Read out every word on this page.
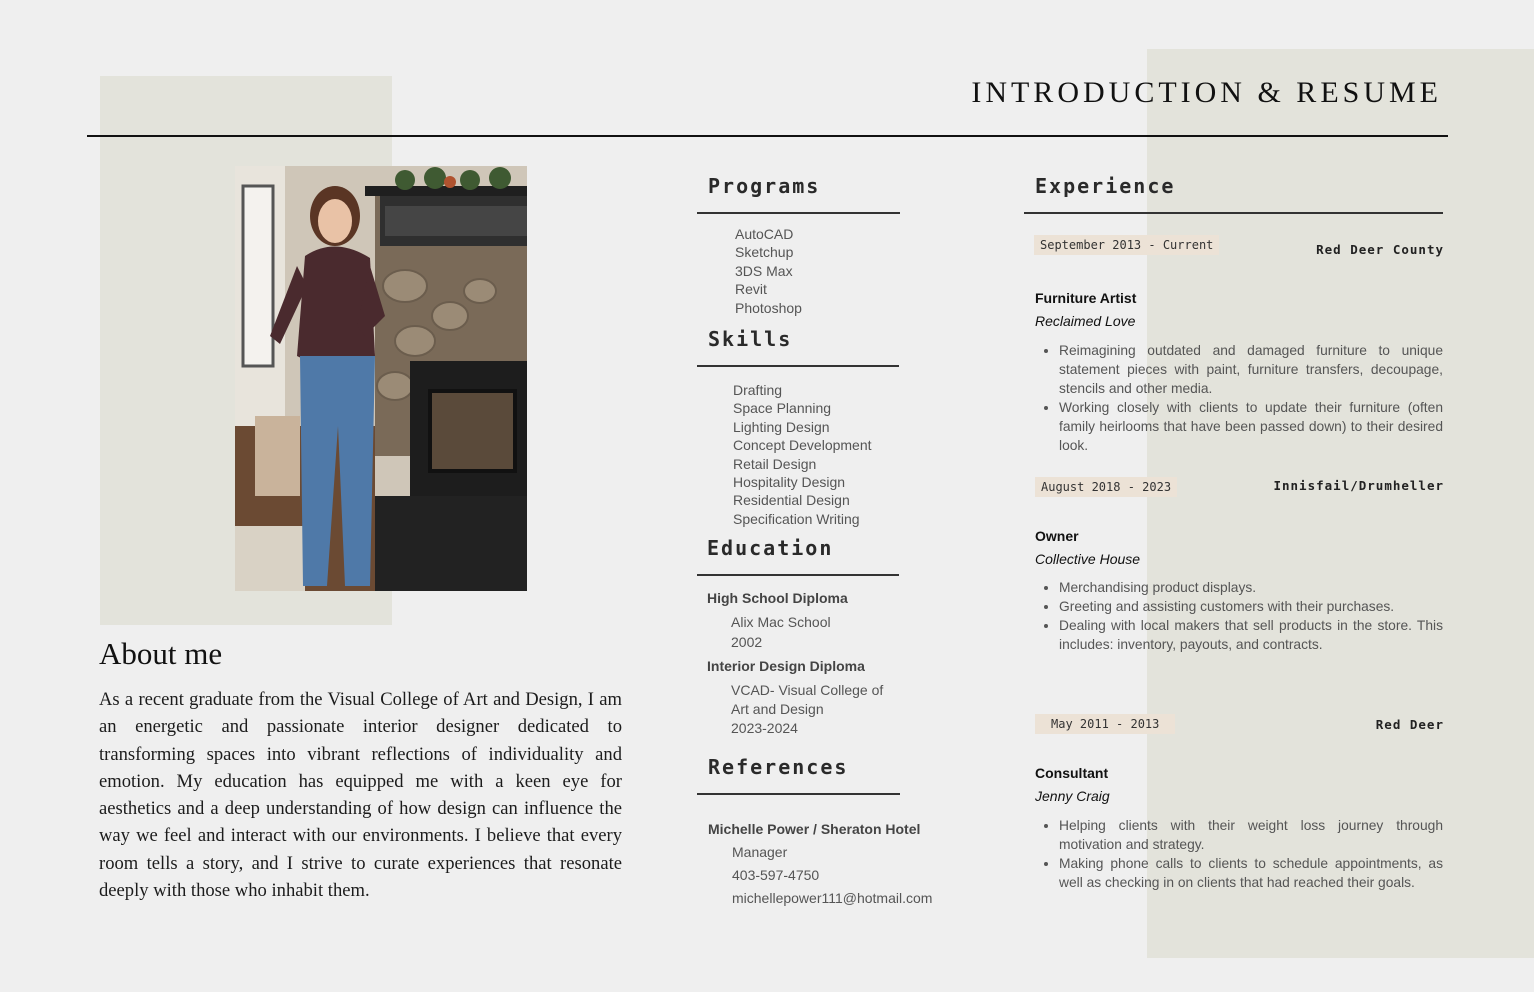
INTRODUCTION & RESUME
About me

As a recent graduate from the Visual College of Art and Design, I am an energetic and passionate interior designer dedicated to transforming spaces into vibrant reflections of individuality and emotion. My education has equipped me with a keen eye for aesthetics and a deep understanding of how design can influence the way we feel and interact with our environments. I believe that every room tells a story, and I strive to curate experiences that resonate deeply with those who inhabit them.

Programs
AutoCAD
Sketchup
3DS Max
Revit
Photoshop
Skills
Drafting
Space Planning
Lighting Design
Concept Development
Retail Design
Hospitality Design
Residential Design
Specification Writing
Education
High School Diploma
Alix Mac School
2002
Interior Design Diploma
VCAD- Visual College of
Art and Design
2023-2024
References
Michelle Power / Sheraton Hotel
Manager
403-597-4750
michellepower111@hotmail.com
Experience
September 2013 - Current	Red Deer County
Furniture Artist
Reclaimed Love
• Reimagining outdated and damaged furniture to unique statement pieces with paint, furniture transfers, decoupage, stencils and other media.
• Working closely with clients to update their furniture (often family heirlooms that have been passed down) to their desired look.
August 2018 - 2023	Innisfail/Drumheller
Owner
Collective House
• Merchandising product displays.
• Greeting and assisting customers with their purchases.
• Dealing with local makers that sell products in the store. This includes: inventory, payouts, and contracts.
May 2011 - 2013	Red Deer
Consultant
Jenny Craig
• Helping clients with their weight loss journey through motivation and strategy.
• Making phone calls to clients to schedule appointments, as well as checking in on clients that had reached their goals.
